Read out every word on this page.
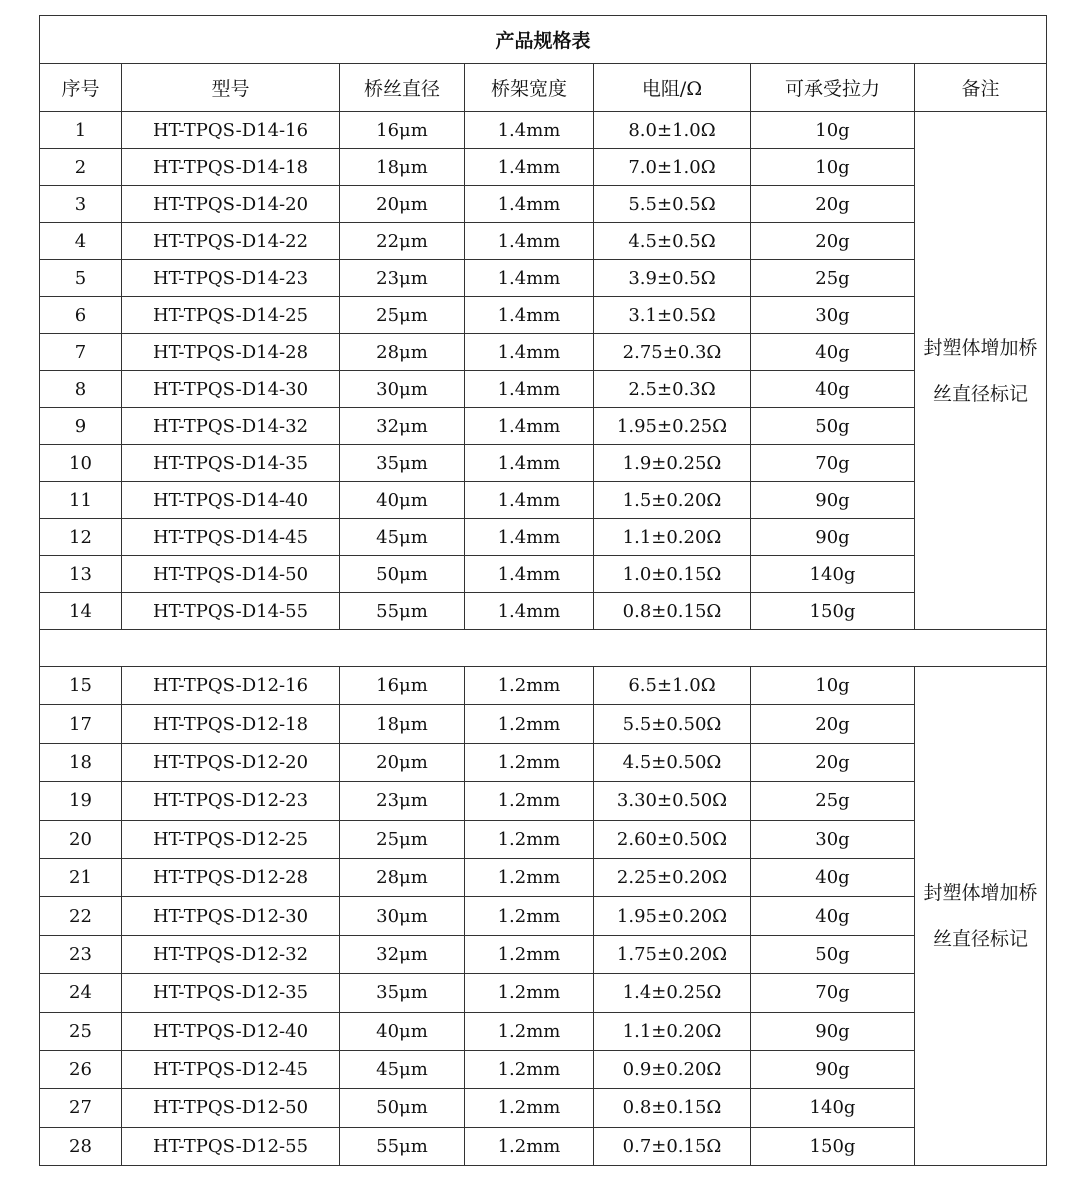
产品规格表						
序号	型号	桥丝直径	桥架宽度	电阻/Ω	可承受拉力	备注
1	HT-TPQS-D14-16	16μm	1.4mm	8.0±1.0Ω	10g	封塑体增加桥丝直径标记
2	HT-TPQS-D14-18	18μm	1.4mm	7.0±1.0Ω	10g	
3	HT-TPQS-D14-20	20μm	1.4mm	5.5±0.5Ω	20g	
4	HT-TPQS-D14-22	22μm	1.4mm	4.5±0.5Ω	20g	
5	HT-TPQS-D14-23	23μm	1.4mm	3.9±0.5Ω	25g	
6	HT-TPQS-D14-25	25μm	1.4mm	3.1±0.5Ω	30g	
7	HT-TPQS-D14-28	28μm	1.4mm	2.75±0.3Ω	40g	
8	HT-TPQS-D14-30	30μm	1.4mm	2.5±0.3Ω	40g	
9	HT-TPQS-D14-32	32μm	1.4mm	1.95±0.25Ω	50g	
10	HT-TPQS-D14-35	35μm	1.4mm	1.9±0.25Ω	70g	
11	HT-TPQS-D14-40	40μm	1.4mm	1.5±0.20Ω	90g	
12	HT-TPQS-D14-45	45μm	1.4mm	1.1±0.20Ω	90g	
13	HT-TPQS-D14-50	50μm	1.4mm	1.0±0.15Ω	140g	
14	HT-TPQS-D14-55	55μm	1.4mm	0.8±0.15Ω	150g	

15	HT-TPQS-D12-16	16μm	1.2mm	6.5±1.0Ω	10g	封塑体增加桥丝直径标记
17	HT-TPQS-D12-18	18μm	1.2mm	5.5±0.50Ω	20g	
18	HT-TPQS-D12-20	20μm	1.2mm	4.5±0.50Ω	20g	
19	HT-TPQS-D12-23	23μm	1.2mm	3.30±0.50Ω	25g	
20	HT-TPQS-D12-25	25μm	1.2mm	2.60±0.50Ω	30g	
21	HT-TPQS-D12-28	28μm	1.2mm	2.25±0.20Ω	40g	
22	HT-TPQS-D12-30	30μm	1.2mm	1.95±0.20Ω	40g	
23	HT-TPQS-D12-32	32μm	1.2mm	1.75±0.20Ω	50g	
24	HT-TPQS-D12-35	35μm	1.2mm	1.4±0.25Ω	70g	
25	HT-TPQS-D12-40	40μm	1.2mm	1.1±0.20Ω	90g	
26	HT-TPQS-D12-45	45μm	1.2mm	0.9±0.20Ω	90g	
27	HT-TPQS-D12-50	50μm	1.2mm	0.8±0.15Ω	140g	
28	HT-TPQS-D12-55	55μm	1.2mm	0.7±0.15Ω	150g	
